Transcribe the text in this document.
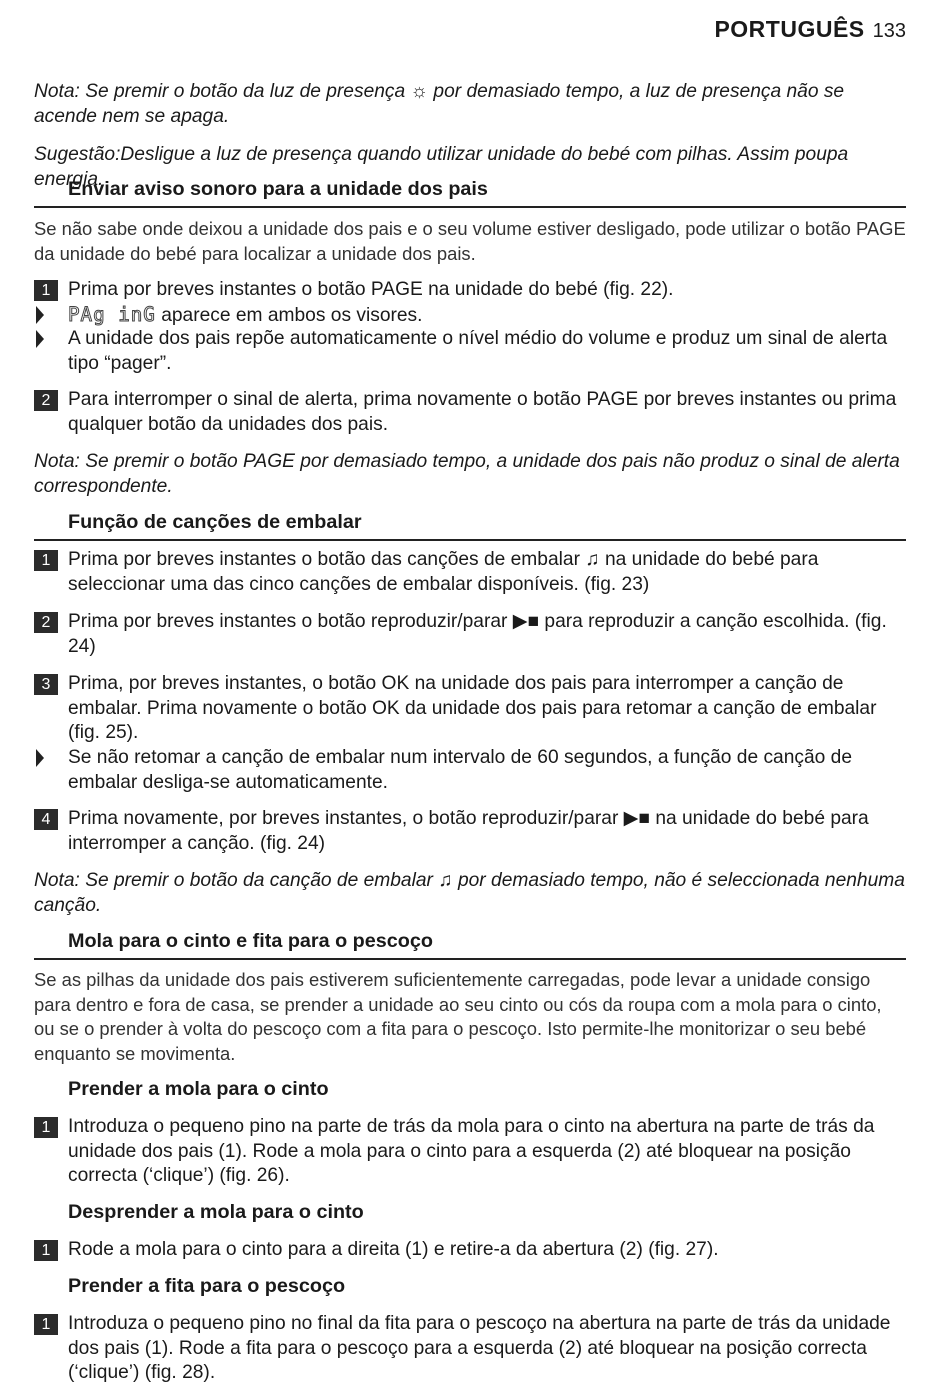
PORTUGUÊS 133
Nota: Se premir o botão da luz de presença ☼ por demasiado tempo, a luz de presença não se acende nem se apaga.
Sugestão:Desligue a luz de presença quando utilizar unidade do bebé com pilhas. Assim poupa energia.
Enviar aviso sonoro para a unidade dos pais
Se não sabe onde deixou a unidade dos pais e o seu volume estiver desligado, pode utilizar o botão PAGE da unidade do bebé para localizar a unidade dos pais.
1 Prima por breves instantes o botão PAGE na unidade do bebé (fig. 22).
PAg inG aparece em ambos os visores.
A unidade dos pais repõe automaticamente o nível médio do volume e produz um sinal de alerta tipo “pager”.
2 Para interromper o sinal de alerta, prima novamente o botão PAGE por breves instantes ou prima qualquer botão da unidades dos pais.
Nota: Se premir o botão PAGE por demasiado tempo, a unidade dos pais não produz o sinal de alerta correspondente.
Função de canções de embalar
1 Prima por breves instantes o botão das canções de embalar ♫ na unidade do bebé para seleccionar uma das cinco canções de embalar disponíveis. (fig. 23)
2 Prima por breves instantes o botão reproduzir/parar ▶■ para reproduzir a canção escolhida. (fig. 24)
3 Prima, por breves instantes, o botão OK na unidade dos pais para interromper a canção de embalar. Prima novamente o botão OK da unidade dos pais para retomar a canção de embalar (fig. 25).
Se não retomar a canção de embalar num intervalo de 60 segundos, a função de canção de embalar desliga-se automaticamente.
4 Prima novamente, por breves instantes, o botão reproduzir/parar ▶■ na unidade do bebé para interromper a canção. (fig. 24)
Nota: Se premir o botão da canção de embalar ♫ por demasiado tempo, não é seleccionada nenhuma canção.
Mola para o cinto e fita para o pescoço
Se as pilhas da unidade dos pais estiverem suficientemente carregadas, pode levar a unidade consigo para dentro e fora de casa, se prender a unidade ao seu cinto ou cós da roupa com a mola para o cinto, ou se o prender à volta do pescoço com a fita para o pescoço. Isto permite-lhe monitorizar o seu bebé enquanto se movimenta.
Prender a mola para o cinto
1 Introduza o pequeno pino na parte de trás da mola para o cinto na abertura na parte de trás da unidade dos pais (1). Rode a mola para o cinto para a esquerda (2) até bloquear na posição correcta (‘clique’) (fig. 26).
Desprender a mola para o cinto
1 Rode a mola para o cinto para a direita (1) e retire-a da abertura (2) (fig. 27).
Prender a fita para o pescoço
1 Introduza o pequeno pino no final da fita para o pescoço na abertura na parte de trás da unidade dos pais (1). Rode a fita para o pescoço para a esquerda (2) até bloquear na posição correcta (‘clique’) (fig. 28).
